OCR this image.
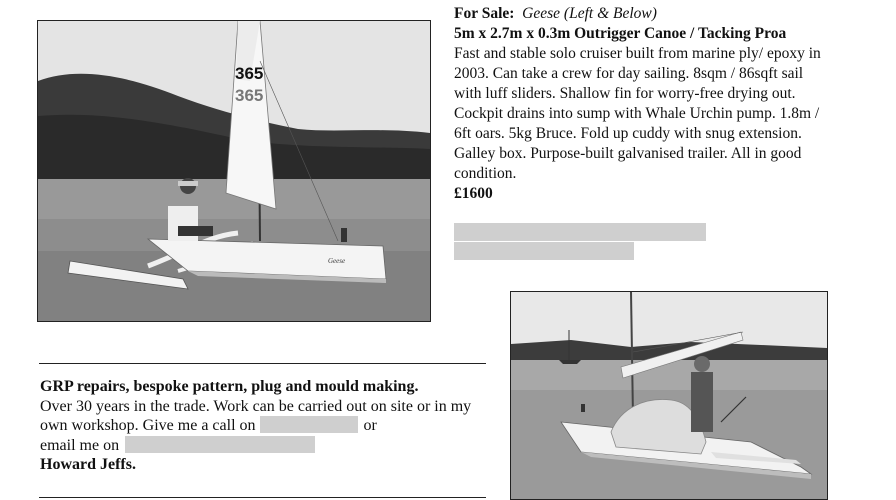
Geese
365
365
For Sale: Geese (Left & Below)
5m x 2.7m x 0.3m Outrigger Canoe / Tacking Proa
Fast and stable solo cruiser built from marine ply/ epoxy in 2003. Can take a crew for day sailing. 8sqm / 86sqft sail with luff sliders. Shallow fin for worry-free drying out. Cockpit drains into sump with Whale Urchin pump. 1.8m / 6ft oars. 5kg Bruce. Fold up cuddy with snug extension. Galley box. Purpose-built galvanised trailer. All in good condition.
£1600
GRP repairs, bespoke pattern, plug and mould making.
Over 30 years in the trade. Work can be carried out on site or in my own workshop. Give me a call on	or
email me on
Howard Jeffs.
